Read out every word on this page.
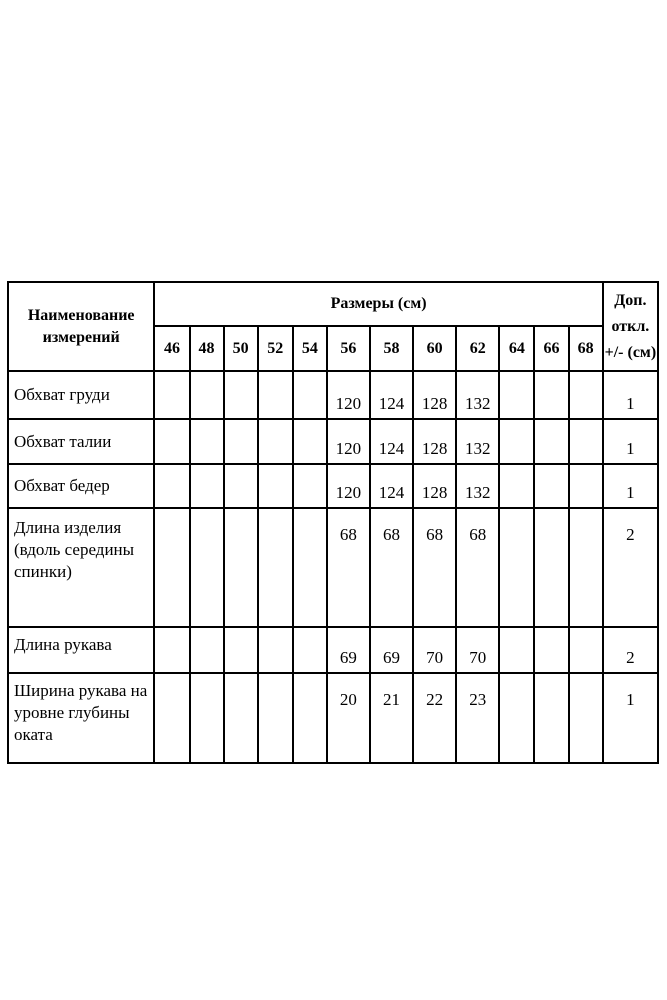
Наименование измерений	Размеры (см)												Доп. откл. +/- (см)
	46	48	50	52	54	56	58	60	62	64	66	68	
Обхват груди						120	124	128	132				1
Обхват талии						120	124	128	132				1
Обхват бедер						120	124	128	132				1
Длина изделия (вдоль середины спинки)						68	68	68	68				2
Длина рукава						69	69	70	70				2
Ширина рукава на уровне глубины оката						20	21	22	23				1
